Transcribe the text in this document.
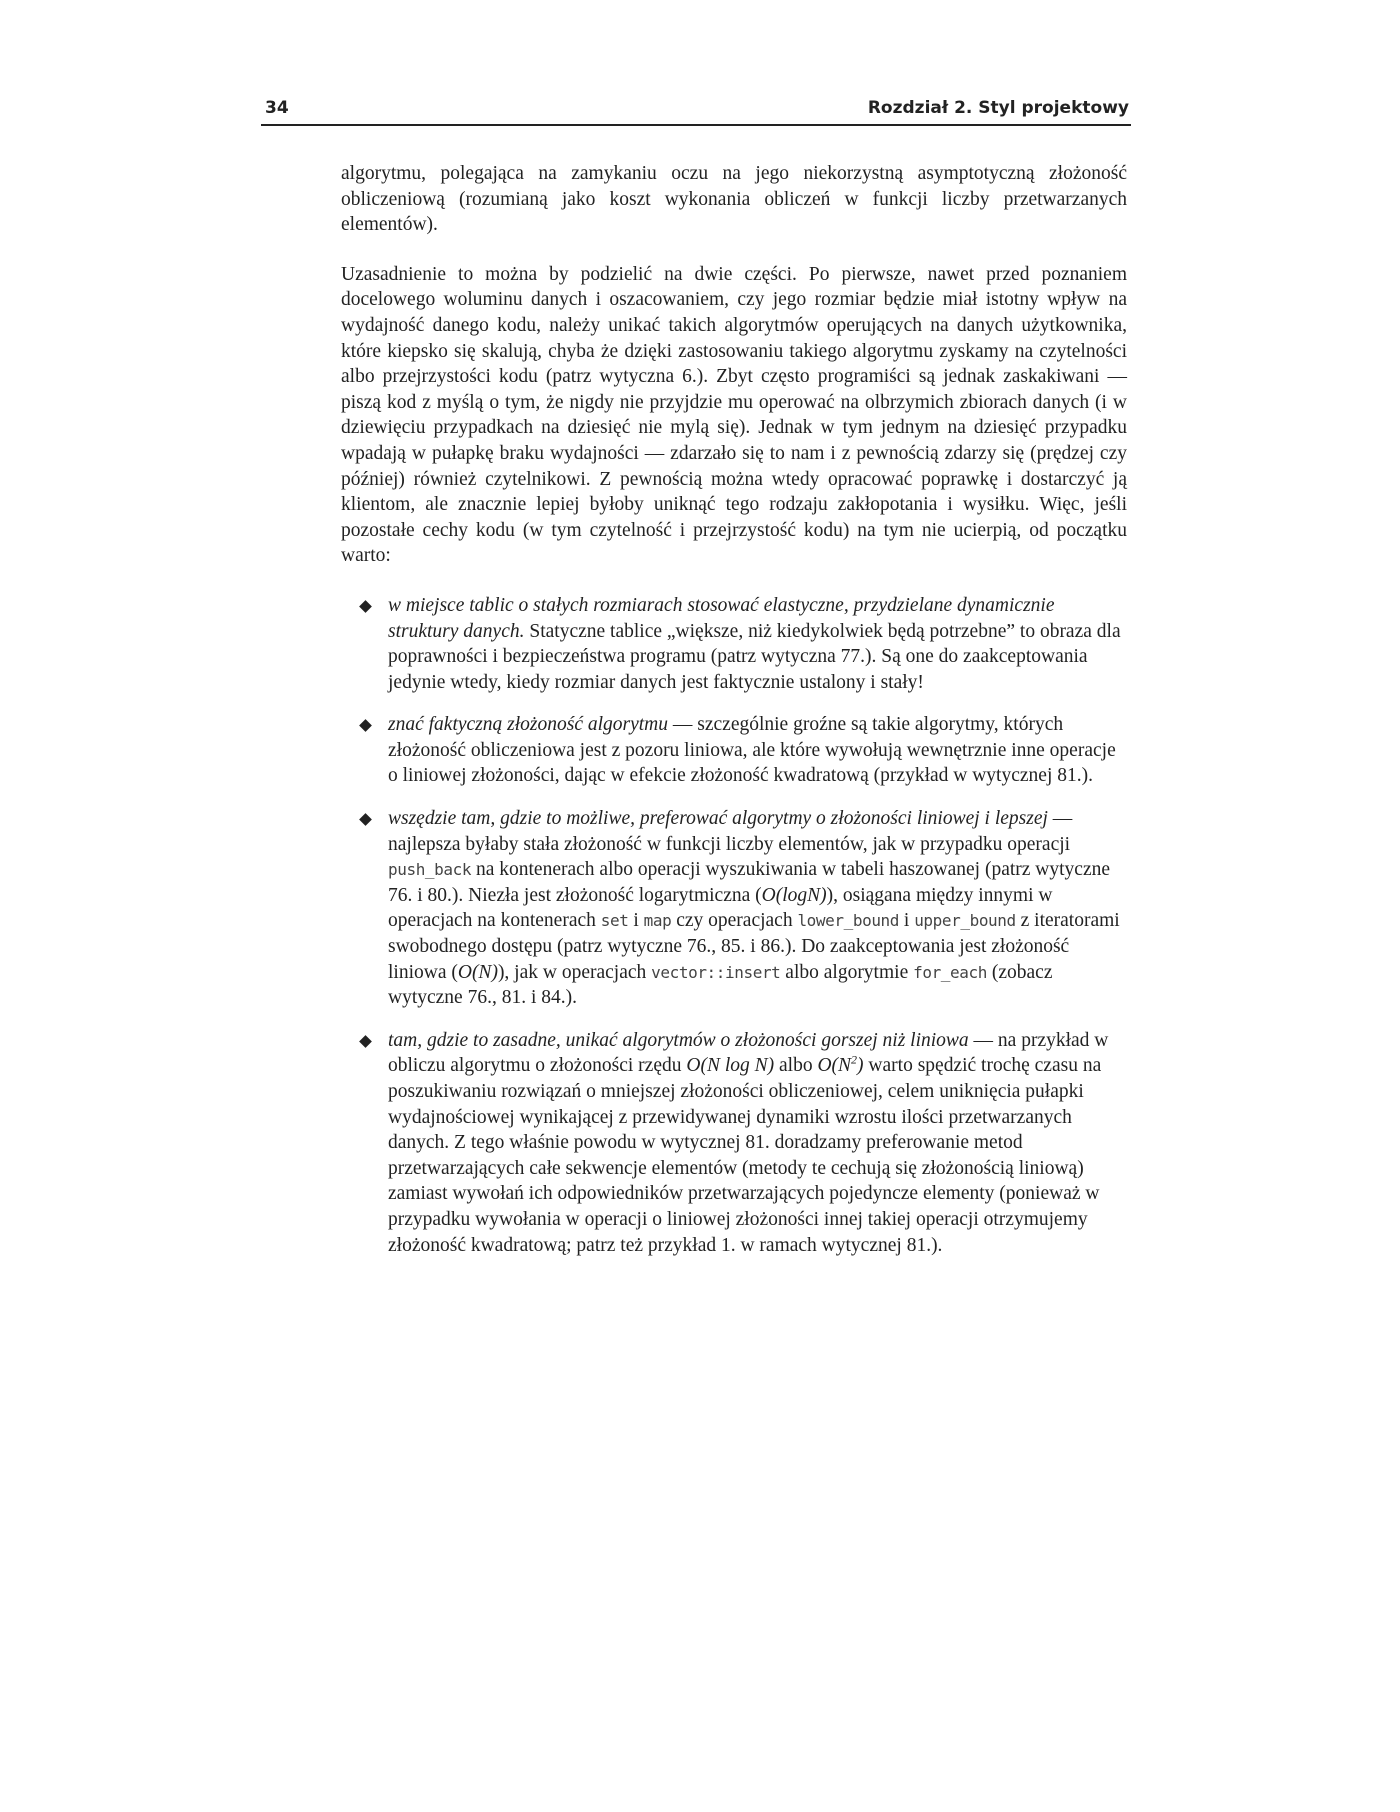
34	Rozdział 2. Styl projektowy

algorytmu, polegająca na zamykaniu oczu na jego niekorzystną asymptotyczną złożoność obliczeniową (rozumianą jako koszt wykonania obliczeń w funkcji liczby przetwarzanych elementów).

Uzasadnienie to można by podzielić na dwie części. Po pierwsze, nawet przed poznaniem docelowego woluminu danych i oszacowaniem, czy jego rozmiar będzie miał istotny wpływ na wydajność danego kodu, należy unikać takich algorytmów operujących na danych użytkownika, które kiepsko się skalują, chyba że dzięki zastosowaniu takiego algorytmu zyskamy na czytelności albo przejrzystości kodu (patrz wytyczna 6.). Zbyt często programiści są jednak zaskakiwani — piszą kod z myślą o tym, że nigdy nie przyjdzie mu operować na olbrzymich zbiorach danych (i w dziewięciu przypadkach na dziesięć nie mylą się). Jednak w tym jednym na dziesięć przypadku wpadają w pułapkę braku wydajności — zdarzało się to nam i z pewnością zdarzy się (prędzej czy później) również czytelnikowi. Z pewnością można wtedy opracować poprawkę i dostarczyć ją klientom, ale znacznie lepiej byłoby uniknąć tego rodzaju zakłopotania i wysiłku. Więc, jeśli pozostałe cechy kodu (w tym czytelność i przejrzystość kodu) na tym nie ucierpią, od początku warto:

w miejsce tablic o stałych rozmiarach stosować elastyczne, przydzielane dynamicznie struktury danych. Statyczne tablice „większe, niż kiedykolwiek będą potrzebne” to obraza dla poprawności i bezpieczeństwa programu (patrz wytyczna 77.). Są one do zaakceptowania jedynie wtedy, kiedy rozmiar danych jest faktycznie ustalony i stały!
znać faktyczną złożoność algorytmu — szczególnie groźne są takie algorytmy, których złożoność obliczeniowa jest z pozoru liniowa, ale które wywołują wewnętrznie inne operacje o liniowej złożoności, dając w efekcie złożoność kwadratową (przykład w wytycznej 81.).
wszędzie tam, gdzie to możliwe, preferować algorytmy o złożoności liniowej i lepszej — najlepsza byłaby stała złożoność w funkcji liczby elementów, jak w przypadku operacji push_back na kontenerach albo operacji wyszukiwania w tabeli haszowanej (patrz wytyczne 76. i 80.). Niezła jest złożoność logarytmiczna (O(logN)), osiągana między innymi w operacjach na kontenerach set i map czy operacjach lower_bound i upper_bound z iteratorami swobodnego dostępu (patrz wytyczne 76., 85. i 86.). Do zaakceptowania jest złożoność liniowa (O(N)), jak w operacjach vector::insert albo algorytmie for_each (zobacz wytyczne 76., 81. i 84.).
tam, gdzie to zasadne, unikać algorytmów o złożoności gorszej niż liniowa — na przykład w obliczu algorytmu o złożoności rzędu O(N log N) albo $O(N^2)$ warto spędzić trochę czasu na poszukiwaniu rozwiązań o mniejszej złożoności obliczeniowej, celem uniknięcia pułapki wydajnościowej wynikającej z przewidywanej dynamiki wzrostu ilości przetwarzanych danych. Z tego właśnie powodu w wytycznej 81. doradzamy preferowanie metod przetwarzających całe sekwencje elementów (metody te cechują się złożonością liniową) zamiast wywołań ich odpowiedników przetwarzających pojedyncze elementy (ponieważ w przypadku wywołania w operacji o liniowej złożoności innej takiej operacji otrzymujemy złożoność kwadratową; patrz też przykład 1. w ramach wytycznej 81.).
